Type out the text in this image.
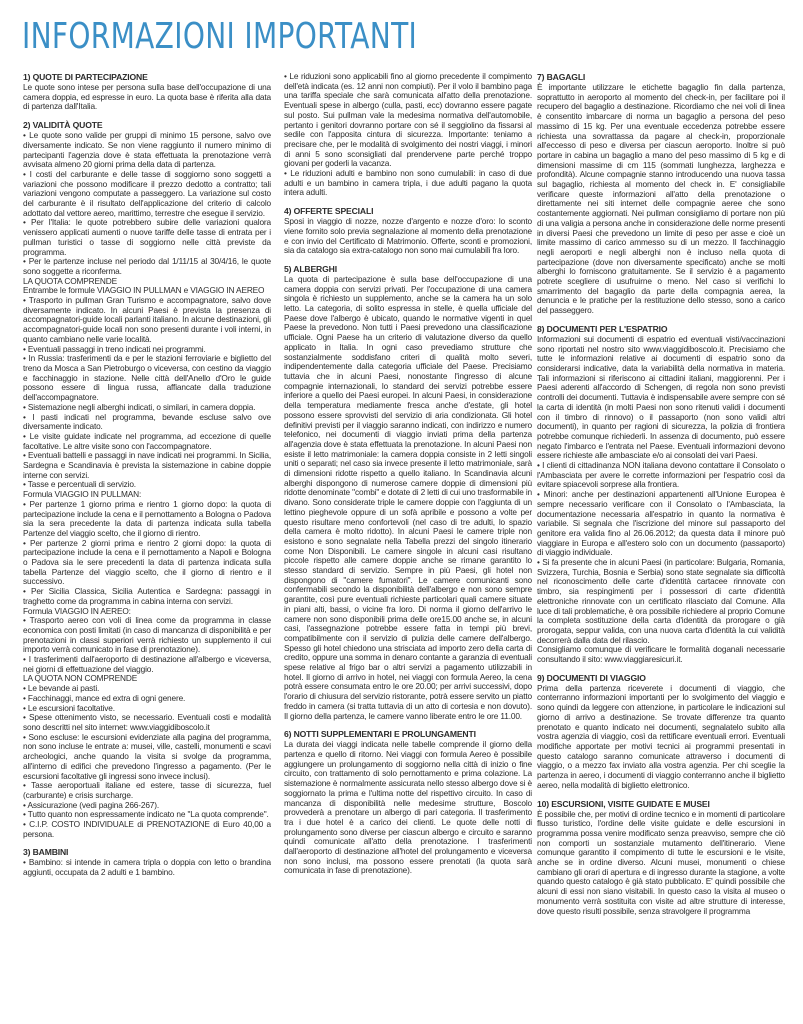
INFORMAZIONI IMPORTANTI
1) QUOTE DI PARTECIPAZIONE

Le quote sono intese per persona sulla base dell'occupazione di una camera doppia, ed espresse in euro. La quota base è riferita alla data di partenza dall'Italia.

2) VALIDITÀ QUOTE

• Le quote sono valide per gruppi di minimo 15 persone, salvo ove diversamente indicato. Se non viene raggiunto il numero minimo di partecipanti l'agenzia dove è stata effettuata la prenotazione verrà avvisata almeno 20 giorni prima della data di partenza.

• I costi del carburante e delle tasse di soggiorno sono soggetti a variazioni che possono modificare il prezzo dedotto a contratto; tali variazioni vengono computate a passeggero. La variazione sul costo del carburante è il risultato dell'applicazione del criterio di calcolo adottato dal vettore aereo, marittimo, terrestre che esegue il servizio.

• Per l'Italia: le quote potrebbero subire delle variazioni qualora venissero applicati aumenti o nuove tariffe delle tasse di entrata per i pullman turistici o tasse di soggiorno nelle città previste da programma.

• Per le partenze incluse nel periodo dal 1/11/15 al 30/4/16, le quote sono soggette a riconferma.

LA QUOTA COMPRENDE

Entrambe le formule VIAGGIO IN PULLMAN e VIAGGIO IN AEREO

• Trasporto in pullman Gran Turismo e accompagnatore, salvo dove diversamente indicato. In alcuni Paesi è prevista la presenza di accompagnatori-guide locali parlanti italiano. In alcune destinazioni, gli accompagnatori-guide locali non sono presenti durante i voli interni, in quanto cambiano nelle varie località.

• Eventuali passaggi in treno indicati nei programmi.

• In Russia: trasferimenti da e per le stazioni ferroviarie e biglietto del treno da Mosca a San Pietroburgo o viceversa, con cestino da viaggio e facchinaggio in stazione. Nelle città dell'Anello d'Oro le guide possono essere di lingua russa, affiancate dalla traduzione dell'accompagnatore.

• Sistemazione negli alberghi indicati, o similari, in camera doppia.

• I pasti indicati nel programma, bevande escluse salvo ove diversamente indicato.

• Le visite guidate indicate nel programma, ad eccezione di quelle facoltative. Le altre visite sono con l'accompagnatore.

• Eventuali battelli e passaggi in nave indicati nei programmi. In Sicilia, Sardegna e Scandinavia è prevista la sistemazione in cabine doppie interne con servizi.

• Tasse e percentuali di servizio.

Formula VIAGGIO IN PULLMAN:

• Per partenze 1 giorno prima e rientro 1 giorno dopo: la quota di partecipazione include la cena e il pernottamento a Bologna o Padova sia la sera precedente la data di partenza indicata sulla tabella Partenze del viaggio scelto, che il giorno di rientro.

• Per partenze 2 giorni prima e rientro 2 giorni dopo: la quota di partecipazione include la cena e il pernottamento a Napoli e Bologna o Padova sia le sere precedenti la data di partenza indicata sulla tabella Partenze del viaggio scelto, che il giorno di rientro e il successivo.

• Per Sicilia Classica, Sicilia Autentica e Sardegna: passaggi in traghetto come da programma in cabina interna con servizi.

Formula VIAGGIO IN AEREO:

• Trasporto aereo con voli di linea come da programma in classe economica con posti limitati (in caso di mancanza di disponibilità e per prenotazioni in classi superiori verrà richiesto un supplemento il cui importo verrà comunicato in fase di prenotazione).

• I trasferimenti dall'aeroporto di destinazione all'albergo e viceversa, nei giorni di effettuazione del viaggio.

LA QUOTA NON COMPRENDE

• Le bevande ai pasti.

• Facchinaggi, mance ed extra di ogni genere.

• Le escursioni facoltative.

• Spese ottenimento visto, se necessario. Eventuali costi e modalità sono descritti nel sito internet: www.viaggidiboscolo.it

• Sono escluse: le escursioni evidenziate alla pagina del programma, non sono incluse le entrate a: musei, ville, castelli, monumenti e scavi archeologici, anche quando la visita si svolge da programma, all'interno di edifici che prevedono l'ingresso a pagamento. (Per le escursioni facoltative gli ingressi sono invece inclusi).

• Tasse aeroportuali italiane ed estere, tasse di sicurezza, fuel (carburante) e crisis surcharge.

• Assicurazione (vedi pagina 266-267).

• Tutto quanto non espressamente indicato ne "La quota comprende".

• C.I.P. COSTO INDIVIDUALE di PRENOTAZIONE di Euro 40,00 a persona.

3) BAMBINI

• Bambino: si intende in camera tripla o doppia con letto o brandina aggiunti, occupata da 2 adulti e 1 bambino.

• Le riduzioni sono applicabili fino al giorno precedente il compimento dell'età indicata (es. 12 anni non compiuti). Per il volo il bambino paga una tariffa speciale che sarà comunicata all'atto della prenotazione. Eventuali spese in albergo (culla, pasti, ecc) dovranno essere pagate sul posto. Sui pullman vale la medesima normativa dell'automobile, pertanto i genitori dovranno portare con sé il seggiolino da fissarsi al sedile con l'apposita cintura di sicurezza. Importante: teniamo a precisare che, per le modalità di svolgimento dei nostri viaggi, i minori di anni 5 sono sconsigliati dal prendervene parte perché troppo giovani per goderli la vacanza.

• Le riduzioni adulti e bambino non sono cumulabili: in caso di due adulti e un bambino in camera tripla, i due adulti pagano la quota intera adulti.

4) OFFERTE SPECIALI

Sposi in viaggio di nozze, nozze d'argento e nozze d'oro: lo sconto viene fornito solo previa segnalazione al momento della prenotazione e con invio del Certificato di Matrimonio. Offerte, sconti e promozioni, sia da catalogo sia extra-catalogo non sono mai cumulabili fra loro.

5) ALBERGHI

La quota di partecipazione è sulla base dell'occupazione di una camera doppia con servizi privati. Per l'occupazione di una camera singola è richiesto un supplemento, anche se la camera ha un solo letto. La categoria, di solito espressa in stelle, è quella ufficiale del Paese dove l'albergo è ubicato, quando le normative vigenti in quel Paese la prevedono. Non tutti i Paesi prevedono una classificazione ufficiale. Ogni Paese ha un criterio di valutazione diverso da quello applicato in Italia. In ogni caso prevediamo strutture che sostanzialmente soddisfano criteri di qualità molto severi, indipendentemente dalla categoria ufficiale del Paese. Precisiamo tuttavia che in alcuni Paesi, nonostante l'ingresso di alcune compagnie internazionali, lo standard dei servizi potrebbe essere inferiore a quello dei Paesi europei. In alcuni Paesi, in considerazione della temperatura mediamente fresca anche d'estate, gli hotel possono essere sprovvisti del servizio di aria condizionata. Gli hotel definitivi previsti per il viaggio saranno indicati, con indirizzo e numero telefonico, nei documenti di viaggio inviati prima della partenza all'agenzia dove è stata effettuata la prenotazione. In alcuni Paesi non esiste il letto matrimoniale: la camera doppia consiste in 2 letti singoli uniti o separati; nel caso sia invece presente il letto matrimoniale, sarà di dimensioni ridotte rispetto a quello italiano. In Scandinavia alcuni alberghi dispongono di numerose camere doppie di dimensioni più ridotte denominate "combi" e dotate di 2 letti di cui uno trasformabile in divano. Sono considerate triple le camere doppie con l'aggiunta di un lettino pieghevole oppure di un sofà apribile e possono a volte per questo risultare meno confortevoli (nel caso di tre adulti, lo spazio della camera è molto ridotto). In alcuni Paesi le camere triple non esistono e sono segnalate nella Tabella prezzi del singolo itinerario come Non Disponibili. Le camere singole in alcuni casi risultano piccole rispetto alle camere doppie anche se rimane garantito lo stesso standard di servizio. Sempre in più Paesi, gli hotel non dispongono di "camere fumatori". Le camere comunicanti sono confermabili secondo la disponibilità dell'albergo e non sono sempre garantite, così pure eventuali richieste particolari quali camere situate in piani alti, bassi, o vicine fra loro. Di norma il giorno dell'arrivo le camere non sono disponibili prima delle ore15.00 anche se, in alcuni casi, l'assegnazione potrebbe essere fatta in tempi più brevi, compatibilmente con il servizio di pulizia delle camere dell'albergo. Spesso gli hotel chiedono una strisciata ad importo zero della carta di credito, oppure una somma in denaro contante a garanzia di eventuali spese relative al frigo bar o altri servizi a pagamento utilizzabili in hotel. Il giorno di arrivo in hotel, nei viaggi con formula Aereo, la cena potrà essere consumata entro le ore 20.00; per arrivi successivi, dopo l'orario di chiusura del servizio ristorante, potrà essere servito un piatto freddo in camera (si tratta tuttavia di un atto di cortesia e non dovuto). Il giorno della partenza, le camere vanno liberate entro le ore 11.00.

6) NOTTI SUPPLEMENTARI E PROLUNGAMENTI

La durata dei viaggi indicata nelle tabelle comprende il giorno della partenza e quello di ritorno. Nei viaggi con formula Aereo è possibile aggiungere un prolungamento di soggiorno nella città di inizio o fine circuito, con trattamento di solo pernottamento e prima colazione. La sistemazione è normalmente assicurata nello stesso albergo dove si è soggiornato la prima e l'ultima notte del rispettivo circuito. In caso di mancanza di disponibilità nelle medesime strutture, Boscolo provvederà a prenotare un albergo di pari categoria. Il trasferimento tra i due hotel è a carico dei clienti. Le quote delle notti di prolungamento sono diverse per ciascun albergo e circuito e saranno quindi comunicate all'atto della prenotazione. I trasferimenti dall'aeroporto di destinazione all'hotel del prolungamento e viceversa non sono inclusi, ma possono essere prenotati (la quota sarà comunicata in fase di prenotazione).

7) BAGAGLI

È importante utilizzare le etichette bagaglio fin dalla partenza, soprattutto in aeroporto al momento del check-in, per facilitare poi il recupero del bagaglio a destinazione. Ricordiamo che nei voli di linea è consentito imbarcare di norma un bagaglio a persona del peso massimo di 15 kg. Per una eventuale eccedenza potrebbe essere richiesta una sovrattassa da pagare al check-in, proporzionale all'eccesso di peso e diversa per ciascun aeroporto. Inoltre si può portare in cabina un bagaglio a mano del peso massimo di 5 kg e di dimensioni massime di cm 115 (sommati lunghezza, larghezza e profondità). Alcune compagnie stanno introducendo una nuova tassa sul bagaglio, richiesta al momento del check in. E' consigliabile verificare queste informazioni all'atto della prenotazione o direttamente nei siti internet delle compagnie aeree che sono costantemente aggiornati. Nei pullman consigliamo di portare non più di una valigia a persona anche in considerazione delle norme presenti in diversi Paesi che prevedono un limite di peso per asse e cioè un limite massimo di carico ammesso su di un mezzo. Il facchinaggio negli aeroporti e negli alberghi non è incluso nella quota di partecipazione (dove non diversamente specificato) anche se molti alberghi lo forniscono gratuitamente. Se il servizio è a pagamento potrete scegliere di usufruirne o meno. Nel caso si verifichi lo smarrimento del bagaglio da parte della compagnia aerea, la denuncia e le pratiche per la restituzione dello stesso, sono a carico del passeggero.

8) DOCUMENTI PER L'ESPATRIO

Informazioni sui documenti di espatrio ed eventuali visti/vaccinazioni sono riportati nel nostro sito www.viaggidiboscolo.it. Precisiamo che tutte le informazioni relative ai documenti di espatrio sono da considerarsi indicative, data la variabilità della normativa in materia. Tali informazioni si riferiscono ai cittadini italiani, maggiorenni. Per i Paesi aderenti all'accordo di Schengen, di regola non sono previsti controlli dei documenti. Tuttavia è indispensabile avere sempre con sé la carta di identità (in molti Paesi non sono ritenuti validi i documenti con il timbro di rinnovo) o il passaporto (non sono validi altri documenti), in quanto per ragioni di sicurezza, la polizia di frontiera potrebbe comunque richiederli. In assenza di documento, può essere negato l'imbarco e l'entrata nel Paese. Eventuali informazioni devono essere richieste alle ambasciate e/o ai consolati dei vari Paesi.

• I clienti di cittadinanza NON italiana devono contattare il Consolato o l'Ambasciata per avere le corrette informazioni per l'espatrio così da evitare spiacevoli sorprese alla frontiera.

• Minori: anche per destinazioni appartenenti all'Unione Europea è sempre necessario verificare con il Consolato o l'Ambasciata, la documentazione necessaria all'espatrio in quanto la normativa è variabile. Si segnala che l'iscrizione del minore sul passaporto del genitore era valida fino al 26.06.2012; da questa data il minore può viaggiare in Europa e all'estero solo con un documento (passaporto) di viaggio individuale.

• Si fa presente che in alcuni Paesi (in particolare: Bulgaria, Romania, Svizzera, Turchia, Bosnia e Serbia) sono state segnalate sia difficoltà nel riconoscimento delle carte d'identità cartacee rinnovate con timbro, sia respingimenti per i possessori di carte d'identità elettroniche rinnovate con un certificato rilasciato dal Comune. Alla luce di tali problematiche, è ora possibile richiedere al proprio Comune la completa sostituzione della carta d'identità da prorogare o già prorogata, seppur valida, con una nuova carta d'identità la cui validità decorrerà dalla data del rilascio.

Consigliamo comunque di verificare le formalità doganali necessarie consultando il sito: www.viaggiaresicuri.it.

9) DOCUMENTI DI VIAGGIO

Prima della partenza riceverete i documenti di viaggio, che conterranno informazioni importanti per lo svolgimento del viaggio e sono quindi da leggere con attenzione, in particolare le indicazioni sul giorno di arrivo a destinazione. Se trovate differenze tra quanto prenotato e quanto indicato nei documenti, segnalatelo subito alla vostra agenzia di viaggio, così da rettificare eventuali errori. Eventuali modifiche apportate per motivi tecnici ai programmi presentati in questo catalogo saranno comunicate attraverso i documenti di viaggio, o a mezzo fax inviato alla vostra agenzia. Per chi sceglie la partenza in aereo, i documenti di viaggio conterranno anche il biglietto aereo, nella modalità di biglietto elettronico.

10) ESCURSIONI, VISITE GUIDATE E MUSEI

È possibile che, per motivi di ordine tecnico e in momenti di particolare flusso turistico, l'ordine delle visite guidate e delle escursioni in programma possa venire modificato senza preavviso, sempre che ciò non comporti un sostanziale mutamento dell'itinerario. Viene comunque garantito il compimento di tutte le escursioni e le visite, anche se in ordine diverso. Alcuni musei, monumenti o chiese cambiano gli orari di apertura e di ingresso durante la stagione, a volte quando questo catalogo è già stato pubblicato. E' quindi possibile che alcuni di essi non siano visitabili. In questo caso la visita al museo o monumento verrà sostituita con visite ad altre strutture di interesse, dove questo risulti possibile, senza stravolgere il programma
